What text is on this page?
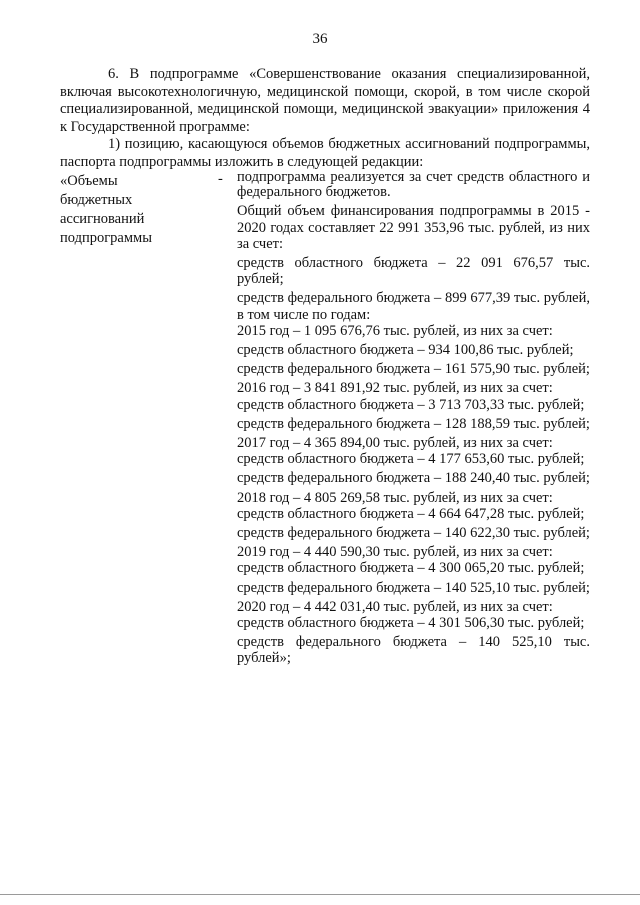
36

6. В подпрограмме «Совершенствование оказания специализированной, включая высокотехнологичную, медицинской помощи, скорой, в том числе скорой специализированной, медицинской помощи, медицинской эвакуации» приложения 4 к Государственной программе:

1) позицию, касающуюся объемов бюджетных ассигнований подпрограммы, паспорта подпрограммы изложить в следующей редакции:

«Объемы
бюджетных
ассигнований
подпрограммы
- подпрограмма реализуется за счет средств областного и федерального бюджетов.

Общий объем финансирования подпрограммы в 2015 - 2020 годах составляет 22 991 353,96 тыс. рублей, из них за счет:

средств областного бюджета – 22 091 676,57 тыс. рублей;

средств федерального бюджета – 899 677,39 тыс. рублей, в том числе по годам:

2015 год – 1 095 676,76 тыс. рублей, из них за счет:

средств областного бюджета – 934 100,86 тыс. рублей;

средств федерального бюджета – 161 575,90 тыс. рублей;

2016 год – 3 841 891,92 тыс. рублей, из них за счет:

средств областного бюджета – 3 713 703,33 тыс. рублей;

средств федерального бюджета – 128 188,59 тыс. рублей;

2017 год – 4 365 894,00 тыс. рублей, из них за счет:

средств областного бюджета – 4 177 653,60 тыс. рублей;

средств федерального бюджета – 188 240,40 тыс. рублей;

2018 год – 4 805 269,58 тыс. рублей, из них за счет:

средств областного бюджета – 4 664 647,28 тыс. рублей;

средств федерального бюджета – 140 622,30 тыс. рублей;

2019 год – 4 440 590,30 тыс. рублей, из них за счет:

средств областного бюджета – 4 300 065,20 тыс. рублей;

средств федерального бюджета – 140 525,10 тыс. рублей;

2020 год – 4 442 031,40 тыс. рублей, из них за счет:

средств областного бюджета – 4 301 506,30 тыс. рублей;

средств федерального бюджета – 140 525,10 тыс. рублей»;
